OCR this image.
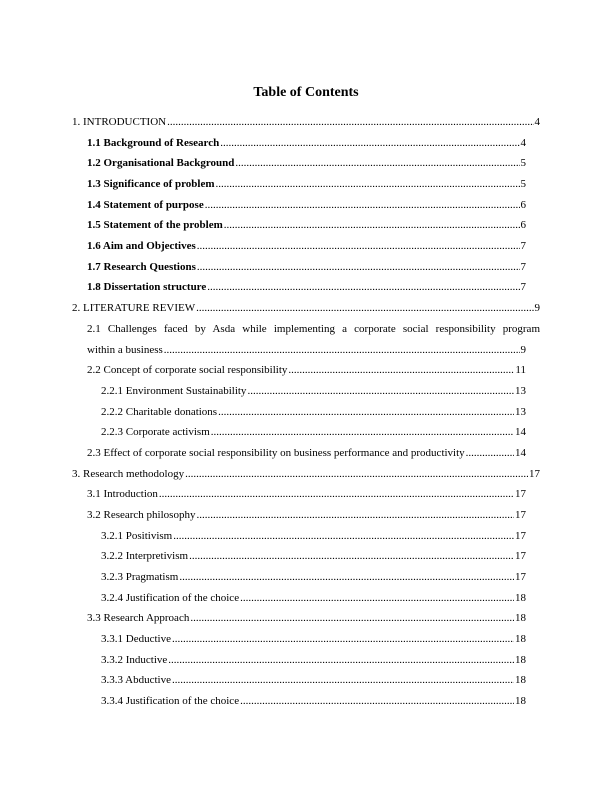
Table of Contents
1. INTRODUCTION .....	4
1.1 Background of Research .....	4
1.2 Organisational Background .....	5
1.3 Significance of problem .....	5
1.4 Statement of purpose .....	6
1.5 Statement of the problem .....	6
1.6 Aim and Objectives .....	7
1.7 Research Questions .....	7
1.8 Dissertation structure .....	7
2. LITERATURE REVIEW .....	9
2.1 Challenges faced by Asda while implementing a corporate social responsibility program
within a business .....	9
2.2 Concept of corporate social responsibility .....	11
2.2.1 Environment Sustainability .....	13
2.2.2 Charitable donations .....	13
2.2.3 Corporate activism .....	14
2.3 Effect of corporate social responsibility on business performance and productivity .....	14
3. Research methodology .....	17
3.1 Introduction .....	17
3.2 Research philosophy .....	17
3.2.1 Positivism .....	17
3.2.2 Interpretivism .....	17
3.2.3 Pragmatism .....	17
3.2.4 Justification of the choice .....	18
3.3 Research Approach .....	18
3.3.1 Deductive .....	18
3.3.2 Inductive .....	18
3.3.3 Abductive .....	18
3.3.4 Justification of the choice .....	18
